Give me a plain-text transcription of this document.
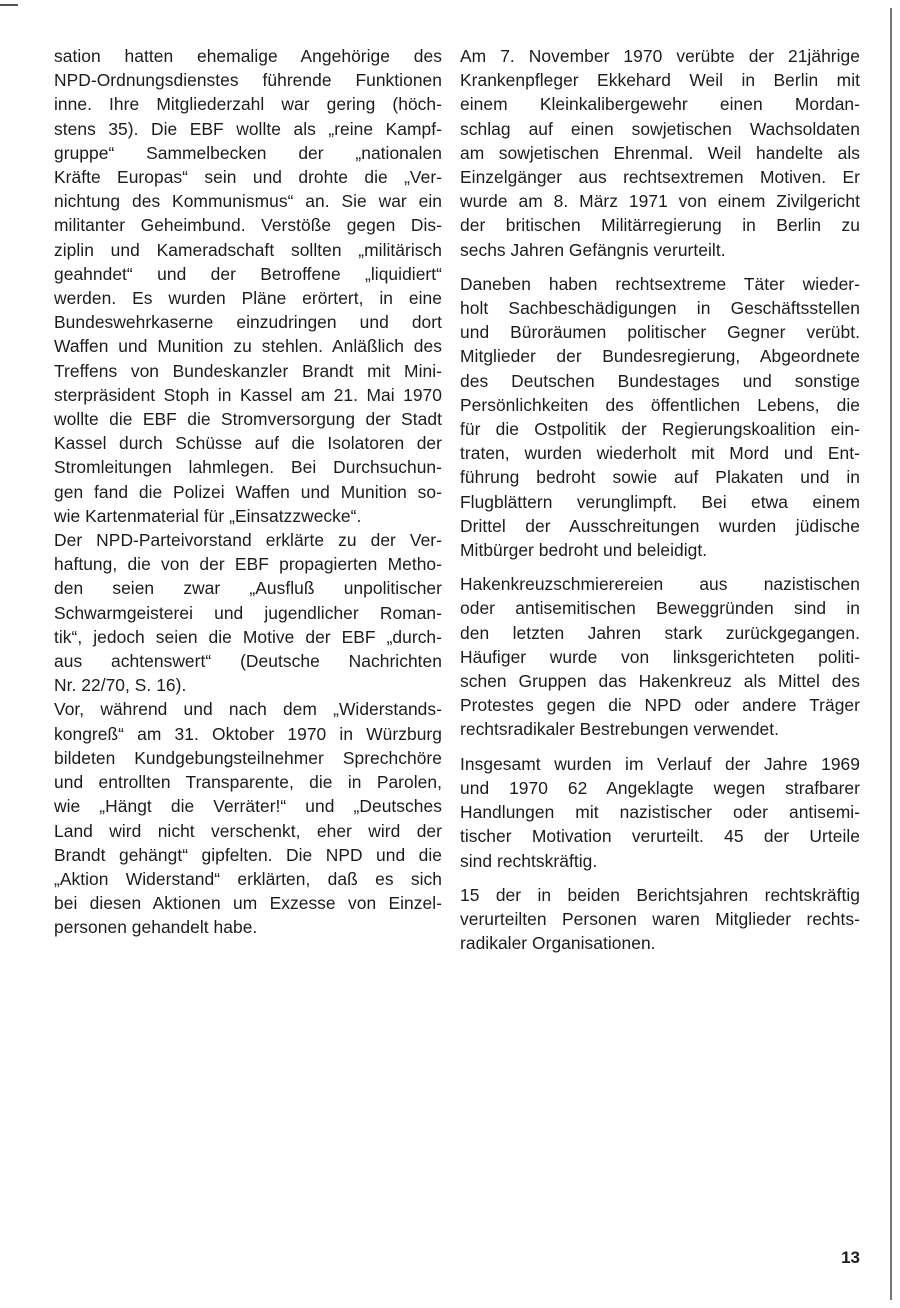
sation hatten ehemalige Angehörige des
NPD-Ordnungsdienstes führende Funktionen
inne. Ihre Mitgliederzahl war gering (höch-
stens 35). Die EBF wollte als „reine Kampf-
gruppe“ Sammelbecken der „nationalen
Kräfte Europas“ sein und drohte die „Ver-
nichtung des Kommunismus“ an. Sie war ein
militanter Geheimbund. Verstöße gegen Dis-
ziplin und Kameradschaft sollten „militärisch
geahndet“ und der Betroffene „liquidiert“
werden. Es wurden Pläne erörtert, in eine
Bundeswehrkaserne einzudringen und dort
Waffen und Munition zu stehlen. Anläßlich des
Treffens von Bundeskanzler Brandt mit Mini-
sterpräsident Stoph in Kassel am 21. Mai 1970
wollte die EBF die Stromversorgung der Stadt
Kassel durch Schüsse auf die Isolatoren der
Stromleitungen lahmlegen. Bei Durchsuchun-
gen fand die Polizei Waffen und Munition so-
wie Kartenmaterial für „Einsatzzwecke“.
Der NPD-Parteivorstand erklärte zu der Ver-
haftung, die von der EBF propagierten Metho-
den seien zwar „Ausfluß unpolitischer
Schwarmgeisterei und jugendlicher Roman-
tik“, jedoch seien die Motive der EBF „durch-
aus achtenswert“ (Deutsche Nachrichten
Nr. 22/70, S. 16).
Vor, während und nach dem „Widerstands-
kongreß“ am 31. Oktober 1970 in Würzburg
bildeten Kundgebungsteilnehmer Sprechchöre
und entrollten Transparente, die in Parolen,
wie „Hängt die Verräter!“ und „Deutsches
Land wird nicht verschenkt, eher wird der
Brandt gehängt“ gipfelten. Die NPD und die
„Aktion Widerstand“ erklärten, daß es sich
bei diesen Aktionen um Exzesse von Einzel-
personen gehandelt habe.
Am 7. November 1970 verübte der 21jährige
Krankenpfleger Ekkehard Weil in Berlin mit
einem Kleinkalibergewehr einen Mordan-
schlag auf einen sowjetischen Wachsoldaten
am sowjetischen Ehrenmal. Weil handelte als
Einzelgänger aus rechtsextremen Motiven. Er
wurde am 8. März 1971 von einem Zivilgericht
der britischen Militärregierung in Berlin zu
sechs Jahren Gefängnis verurteilt.
Daneben haben rechtsextreme Täter wieder-
holt Sachbeschädigungen in Geschäftsstellen
und Büroräumen politischer Gegner verübt.
Mitglieder der Bundesregierung, Abgeordnete
des Deutschen Bundestages und sonstige
Persönlichkeiten des öffentlichen Lebens, die
für die Ostpolitik der Regierungskoalition ein-
traten, wurden wiederholt mit Mord und Ent-
führung bedroht sowie auf Plakaten und in
Flugblättern verunglimpft. Bei etwa einem
Drittel der Ausschreitungen wurden jüdische
Mitbürger bedroht und beleidigt.
Hakenkreuzschmierereien aus nazistischen
oder antisemitischen Beweggründen sind in
den letzten Jahren stark zurückgegangen.
Häufiger wurde von linksgerichteten politi-
schen Gruppen das Hakenkreuz als Mittel des
Protestes gegen die NPD oder andere Träger
rechtsradikaler Bestrebungen verwendet.
Insgesamt wurden im Verlauf der Jahre 1969
und 1970 62 Angeklagte wegen strafbarer
Handlungen mit nazistischer oder antisemi-
tischer Motivation verurteilt. 45 der Urteile
sind rechtskräftig.
15 der in beiden Berichtsjahren rechtskräftig
verurteilten Personen waren Mitglieder rechts-
radikaler Organisationen.
13
